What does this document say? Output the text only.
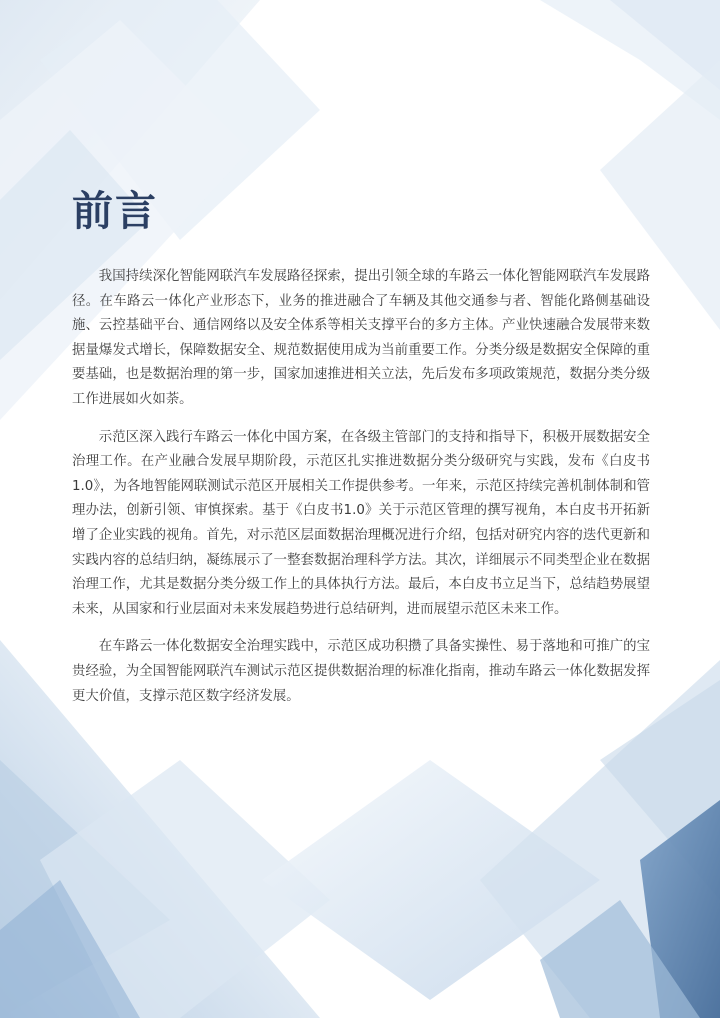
前言

我国持续深化智能网联汽车发展路径探索，提出引领全球的车路云一体化智能网联汽车发展路径。在车路云一体化产业形态下，业务的推进融合了车辆及其他交通参与者、智能化路侧基础设施、云控基础平台、通信网络以及安全体系等相关支撑平台的多方主体。产业快速融合发展带来数据量爆发式增长，保障数据安全、规范数据使用成为当前重要工作。分类分级是数据安全保障的重要基础，也是数据治理的第一步，国家加速推进相关立法，先后发布多项政策规范，数据分类分级工作进展如火如荼。

示范区深入践行车路云一体化中国方案，在各级主管部门的支持和指导下，积极开展数据安全治理工作。在产业融合发展早期阶段，示范区扎实推进数据分类分级研究与实践，发布《白皮书1.0》，为各地智能网联测试示范区开展相关工作提供参考。一年来，示范区持续完善机制体制和管理办法，创新引领、审慎探索。基于《白皮书1.0》关于示范区管理的撰写视角，本白皮书开拓新增了企业实践的视角。首先，对示范区层面数据治理概况进行介绍，包括对研究内容的迭代更新和实践内容的总结归纳，凝练展示了一整套数据治理科学方法。其次，详细展示不同类型企业在数据治理工作，尤其是数据分类分级工作上的具体执行方法。最后，本白皮书立足当下，总结趋势展望未来，从国家和行业层面对未来发展趋势进行总结研判，进而展望示范区未来工作。

在车路云一体化数据安全治理实践中，示范区成功积攒了具备实操性、易于落地和可推广的宝贵经验，为全国智能网联汽车测试示范区提供数据治理的标准化指南，推动车路云一体化数据发挥更大价值，支撑示范区数字经济发展。
